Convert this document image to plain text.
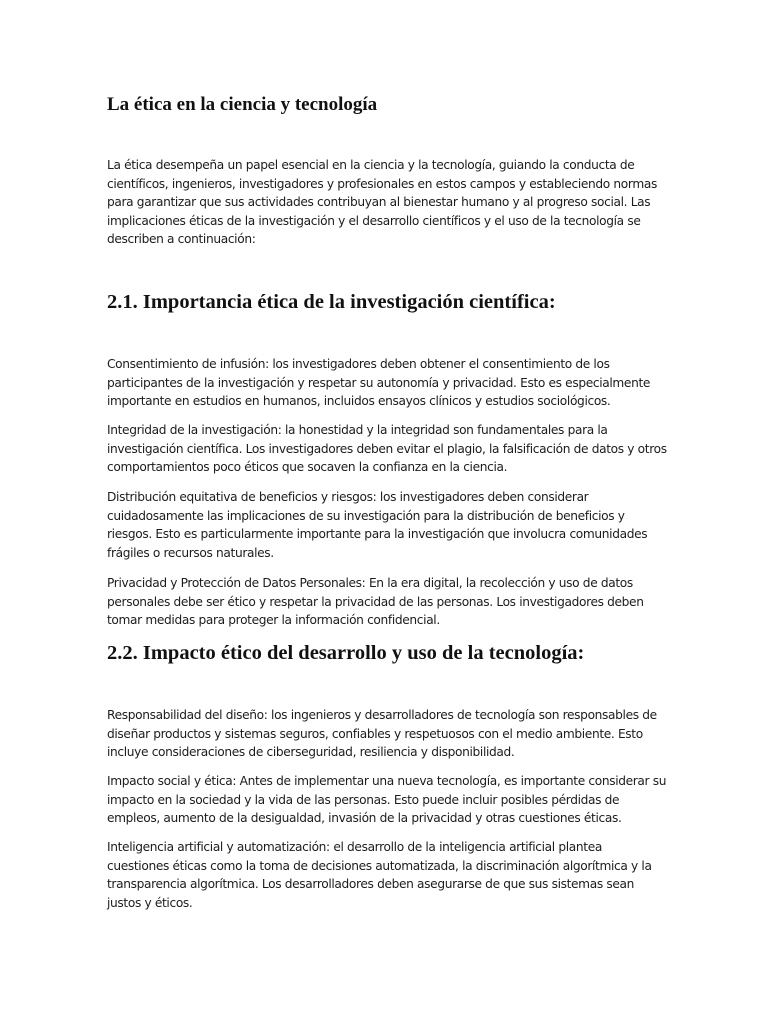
La ética en la ciencia y tecnología

La ética desempeña un papel esencial en la ciencia y la tecnología, guiando la conducta de científicos, ingenieros, investigadores y profesionales en estos campos y estableciendo normas para garantizar que sus actividades contribuyan al bienestar humano y al progreso social. Las implicaciones éticas de la investigación y el desarrollo científicos y el uso de la tecnología se describen a continuación:

2.1. Importancia ética de la investigación científica:

Consentimiento de infusión: los investigadores deben obtener el consentimiento de los participantes de la investigación y respetar su autonomía y privacidad. Esto es especialmente importante en estudios en humanos, incluidos ensayos clínicos y estudios sociológicos.

Integridad de la investigación: la honestidad y la integridad son fundamentales para la investigación científica. Los investigadores deben evitar el plagio, la falsificación de datos y otros comportamientos poco éticos que socaven la confianza en la ciencia.

Distribución equitativa de beneficios y riesgos: los investigadores deben considerar cuidadosamente las implicaciones de su investigación para la distribución de beneficios y riesgos. Esto es particularmente importante para la investigación que involucra comunidades frágiles o recursos naturales.

Privacidad y Protección de Datos Personales: En la era digital, la recolección y uso de datos personales debe ser ético y respetar la privacidad de las personas. Los investigadores deben tomar medidas para proteger la información confidencial.

2.2. Impacto ético del desarrollo y uso de la tecnología:

Responsabilidad del diseño: los ingenieros y desarrolladores de tecnología son responsables de diseñar productos y sistemas seguros, confiables y respetuosos con el medio ambiente. Esto incluye consideraciones de ciberseguridad, resiliencia y disponibilidad.

Impacto social y ética: Antes de implementar una nueva tecnología, es importante considerar su impacto en la sociedad y la vida de las personas. Esto puede incluir posibles pérdidas de empleos, aumento de la desigualdad, invasión de la privacidad y otras cuestiones éticas.

Inteligencia artificial y automatización: el desarrollo de la inteligencia artificial plantea cuestiones éticas como la toma de decisiones automatizada, la discriminación algorítmica y la transparencia algorítmica. Los desarrolladores deben asegurarse de que sus sistemas sean justos y éticos.
